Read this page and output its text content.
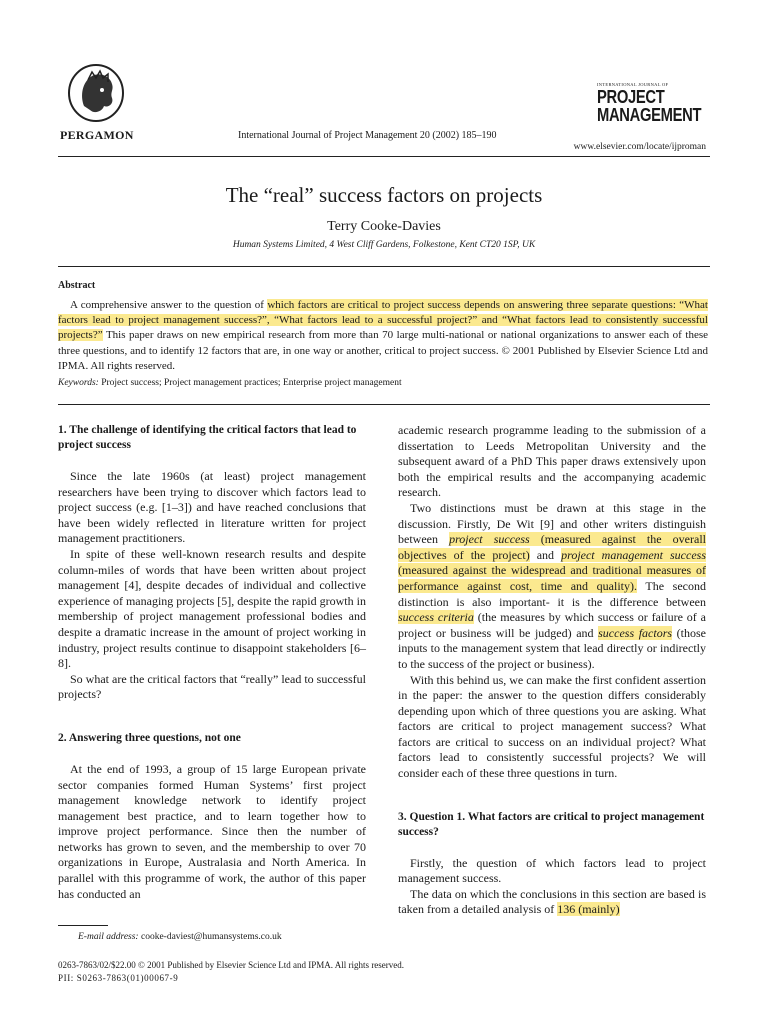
PERGAMON	International Journal of Project Management 20 (2002) 185–190
INTERNATIONAL JOURNAL OF
PROJECT
MANAGEMENT
www.elsevier.com/locate/ijproman
The “real” success factors on projects
Terry Cooke-Davies
Human Systems Limited, 4 West Cliff Gardens, Folkestone, Kent CT20 1SP, UK
Abstract
A comprehensive answer to the question of which factors are critical to project success depends on answering three separate questions: “What factors lead to project management success?”, “What factors lead to a successful project?” and “What factors lead to consistently successful projects?” This paper draws on new empirical research from more than 70 large multi-national or national organizations to answer each of these three questions, and to identify 12 factors that are, in one way or another, critical to project success. © 2001 Published by Elsevier Science Ltd and IPMA. All rights reserved.
Keywords: Project success; Project management practices; Enterprise project management
1. The challenge of identifying the critical factors that lead to project success

Since the late 1960s (at least) project management researchers have been trying to discover which factors lead to project success (e.g. [1–3]) and have reached conclusions that have been widely reflected in literature written for project management practitioners.

In spite of these well-known research results and despite column-miles of words that have been written about project management [4], despite decades of individual and collective experience of managing projects [5], despite the rapid growth in membership of project management professional bodies and despite a dramatic increase in the amount of project working in industry, project results continue to disappoint stakeholders [6–8].

So what are the critical factors that “really” lead to successful projects?

2. Answering three questions, not one

At the end of 1993, a group of 15 large European private sector companies formed Human Systems’ first project management knowledge network to identify project management best practice, and to learn together how to improve project performance. Since then the number of networks has grown to seven, and the membership to over 70 organizations in Europe, Australasia and North America. In parallel with this programme of work, the author of this paper has conducted an

academic research programme leading to the submission of a dissertation to Leeds Metropolitan University and the subsequent award of a PhD This paper draws extensively upon both the empirical results and the accompanying academic research.

Two distinctions must be drawn at this stage in the discussion. Firstly, De Wit [9] and other writers distinguish between project success (measured against the overall objectives of the project) and project management success (measured against the widespread and traditional measures of performance against cost, time and quality). The second distinction is also important- it is the difference between success criteria (the measures by which success or failure of a project or business will be judged) and success factors (those inputs to the management system that lead directly or indirectly to the success of the project or business).

With this behind us, we can make the first confident assertion in the paper: the answer to the question differs considerably depending upon which of three questions you are asking. What factors are critical to project management success? What factors are critical to success on an individual project? What factors lead to consistently successful projects? We will consider each of these three questions in turn.

3. Question 1. What factors are critical to project management success?

Firstly, the question of which factors lead to project management success.

The data on which the conclusions in this section are based is taken from a detailed analysis of 136 (mainly)

E-mail address: cooke-daviest@humansystems.co.uk
0263-7863/02/$22.00 © 2001 Published by Elsevier Science Ltd and IPMA. All rights reserved.
PII: S0263-7863(01)00067-9
